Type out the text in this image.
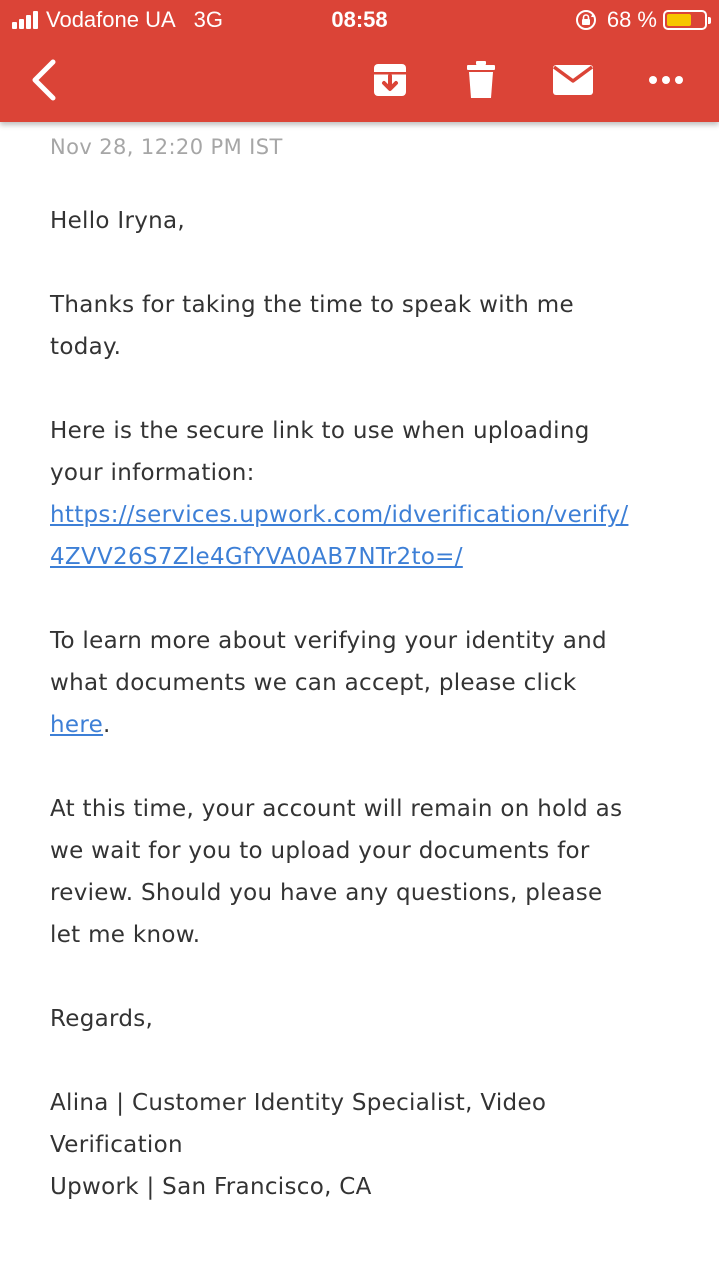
Vodafone UA 3G	08:58	68 %
Nov 28, 12:20 PM IST
Hello Iryna,
Thanks for taking the time to speak with me
today.
Here is the secure link to use when uploading
your information:
https://services.upwork.com/idverification/verify/
4ZVV26S7Zle4GfYVA0AB7NTr2to=/
To learn more about verifying your identity and
what documents we can accept, please click
here.
At this time, your account will remain on hold as
we wait for you to upload your documents for
review. Should you have any questions, please
let me know.
Regards,
Alina | Customer Identity Specialist, Video
Verification
Upwork | San Francisco, CA
